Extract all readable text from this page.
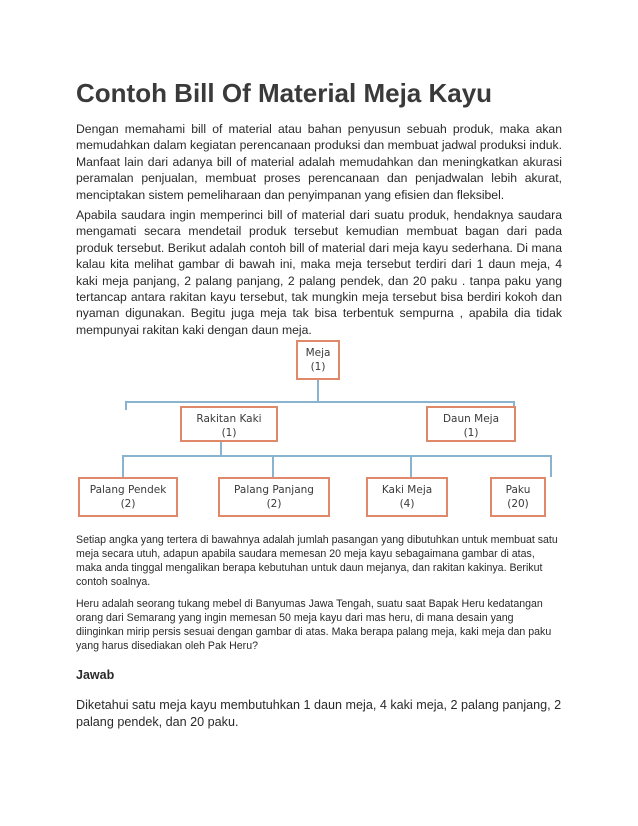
Contoh Bill Of Material Meja Kayu

Dengan memahami bill of material atau bahan penyusun sebuah produk, maka akan memudahkan dalam kegiatan perencanaan produksi dan membuat jadwal produksi induk. Manfaat lain dari adanya bill of material adalah memudahkan dan meningkatkan akurasi peramalan penjualan, membuat proses perencanaan dan penjadwalan lebih akurat, menciptakan sistem pemeliharaan dan penyimpanan yang efisien dan fleksibel.

Apabila saudara ingin memperinci bill of material dari suatu produk, hendaknya saudara mengamati secara mendetail produk tersebut kemudian membuat bagan dari pada produk tersebut. Berikut adalah contoh bill of material dari meja kayu sederhana. Di mana kalau kita melihat gambar di bawah ini, maka meja tersebut terdiri dari 1 daun meja, 4 kaki meja panjang, 2 palang panjang, 2 palang pendek, dan 20 paku . tanpa paku yang tertancap antara rakitan kayu tersebut, tak mungkin meja tersebut bisa berdiri kokoh dan nyaman digunakan. Begitu juga meja tak bisa terbentuk sempurna , apabila dia tidak mempunyai rakitan kaki dengan daun meja.

Meja
(1)
Rakitan Kaki
(1)
Daun Meja
(1)
Palang Pendek
(2)
Palang Panjang
(2)
Kaki Meja
(4)
Paku
(20)

Setiap angka yang tertera di bawahnya adalah jumlah pasangan yang dibutuhkan untuk membuat satu meja secara utuh, adapun apabila saudara memesan 20 meja kayu sebagaimana gambar di atas, maka anda tinggal mengalikan berapa kebutuhan untuk daun mejanya, dan rakitan kakinya. Berikut contoh soalnya.

Heru adalah seorang tukang mebel di Banyumas Jawa Tengah, suatu saat Bapak Heru kedatangan orang dari Semarang yang ingin memesan 50 meja kayu dari mas heru, di mana desain yang diinginkan mirip persis sesuai dengan gambar di atas. Maka berapa palang meja, kaki meja dan paku yang harus disediakan oleh Pak Heru?

Jawab

Diketahui satu meja kayu membutuhkan 1 daun meja, 4 kaki meja, 2 palang panjang, 2 palang pendek, dan 20 paku.
